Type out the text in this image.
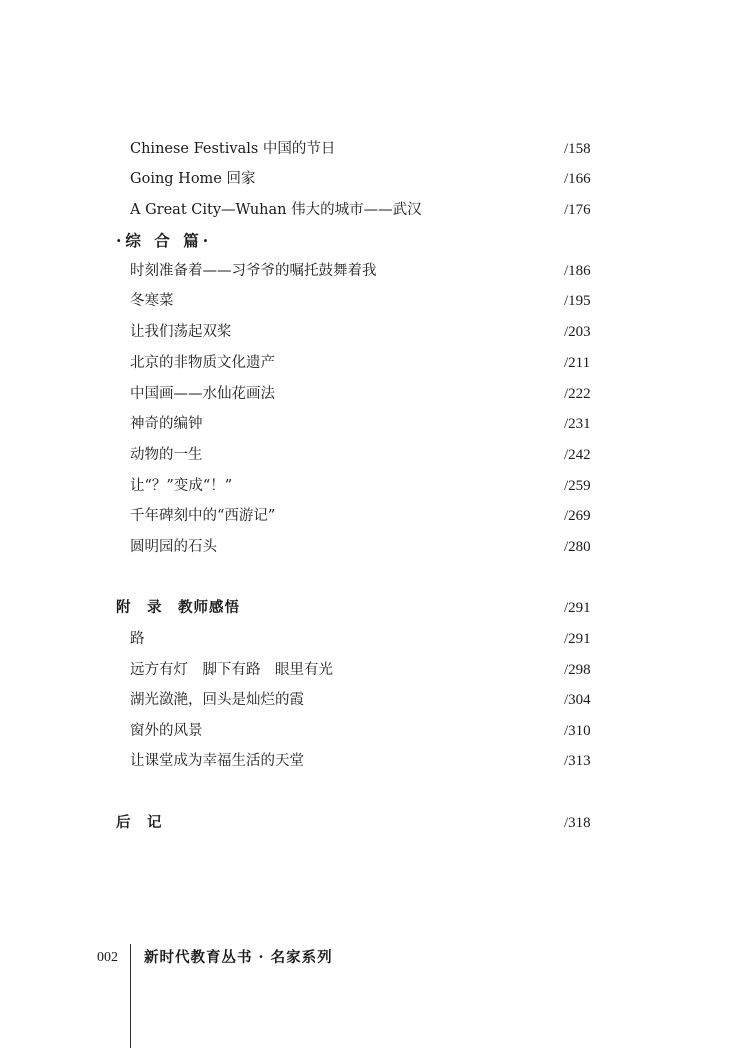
Chinese Festivals 中国的节日	/158
Going Home 回家	/166
A Great City—Wuhan 伟大的城市——武汉	/176
·综 合 篇·
时刻准备着——习爷爷的嘱托鼓舞着我	/186
冬寒菜	/195
让我们荡起双桨	/203
北京的非物质文化遗产	/211
中国画——水仙花画法	/222
神奇的编钟	/231
动物的一生	/242
让“？”变成“！”	/259
千年碑刻中的“西游记”	/269
圆明园的石头	/280
附　录　教师感悟	/291
路	/291
远方有灯　脚下有路　眼里有光	/298
湖光潋滟，回头是灿烂的霞	/304
窗外的风景	/310
让课堂成为幸福生活的天堂	/313
后　记	/318
002 新时代教育丛书 · 名家系列
